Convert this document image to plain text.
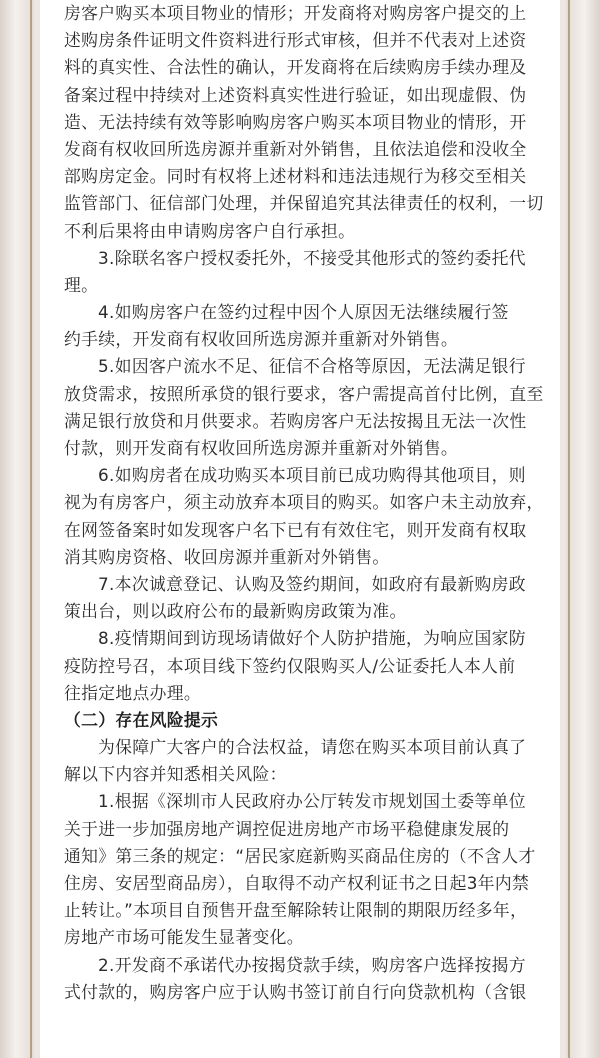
房客户购买本项目物业的情形；开发商将对购房客户提交的上
述购房条件证明文件资料进行形式审核，但并不代表对上述资
料的真实性、合法性的确认，开发商将在后续购房手续办理及
备案过程中持续对上述资料真实性进行验证，如出现虚假、伪
造、无法持续有效等影响购房客户购买本项目物业的情形，开
发商有权收回所选房源并重新对外销售，且依法追偿和没收全
部购房定金。同时有权将上述材料和违法违规行为移交至相关
监管部门、征信部门处理，并保留追究其法律责任的权利，一切
不利后果将由申请购房客户自行承担。
3.除联名客户授权委托外，不接受其他形式的签约委托代
理。
4.如购房客户在签约过程中因个人原因无法继续履行签
约手续，开发商有权收回所选房源并重新对外销售。
5.如因客户流水不足、征信不合格等原因，无法满足银行
放贷需求，按照所承贷的银行要求，客户需提高首付比例，直至
满足银行放贷和月供要求。若购房客户无法按揭且无法一次性
付款，则开发商有权收回所选房源并重新对外销售。
6.如购房者在成功购买本项目前已成功购得其他项目，则
视为有房客户，须主动放弃本项目的购买。如客户未主动放弃，
在网签备案时如发现客户名下已有有效住宅，则开发商有权取
消其购房资格、收回房源并重新对外销售。
7.本次诚意登记、认购及签约期间，如政府有最新购房政
策出台，则以政府公布的最新购房政策为准。
8.疫情期间到访现场请做好个人防护措施，为响应国家防
疫防控号召，本项目线下签约仅限购买人/公证委托人本人前
往指定地点办理。
（二）存在风险提示
为保障广大客户的合法权益，请您在购买本项目前认真了
解以下内容并知悉相关风险：
1.根据《深圳市人民政府办公厅转发市规划国土委等单位
关于进一步加强房地产调控促进房地产市场平稳健康发展的
通知》第三条的规定：“居民家庭新购买商品住房的（不含人才
住房、安居型商品房），自取得不动产权利证书之日起3年内禁
止转让。”本项目自预售开盘至解除转让限制的期限历经多年，
房地产市场可能发生显著变化。
2.开发商不承诺代办按揭贷款手续，购房客户选择按揭方
式付款的，购房客户应于认购书签订前自行向贷款机构（含银
